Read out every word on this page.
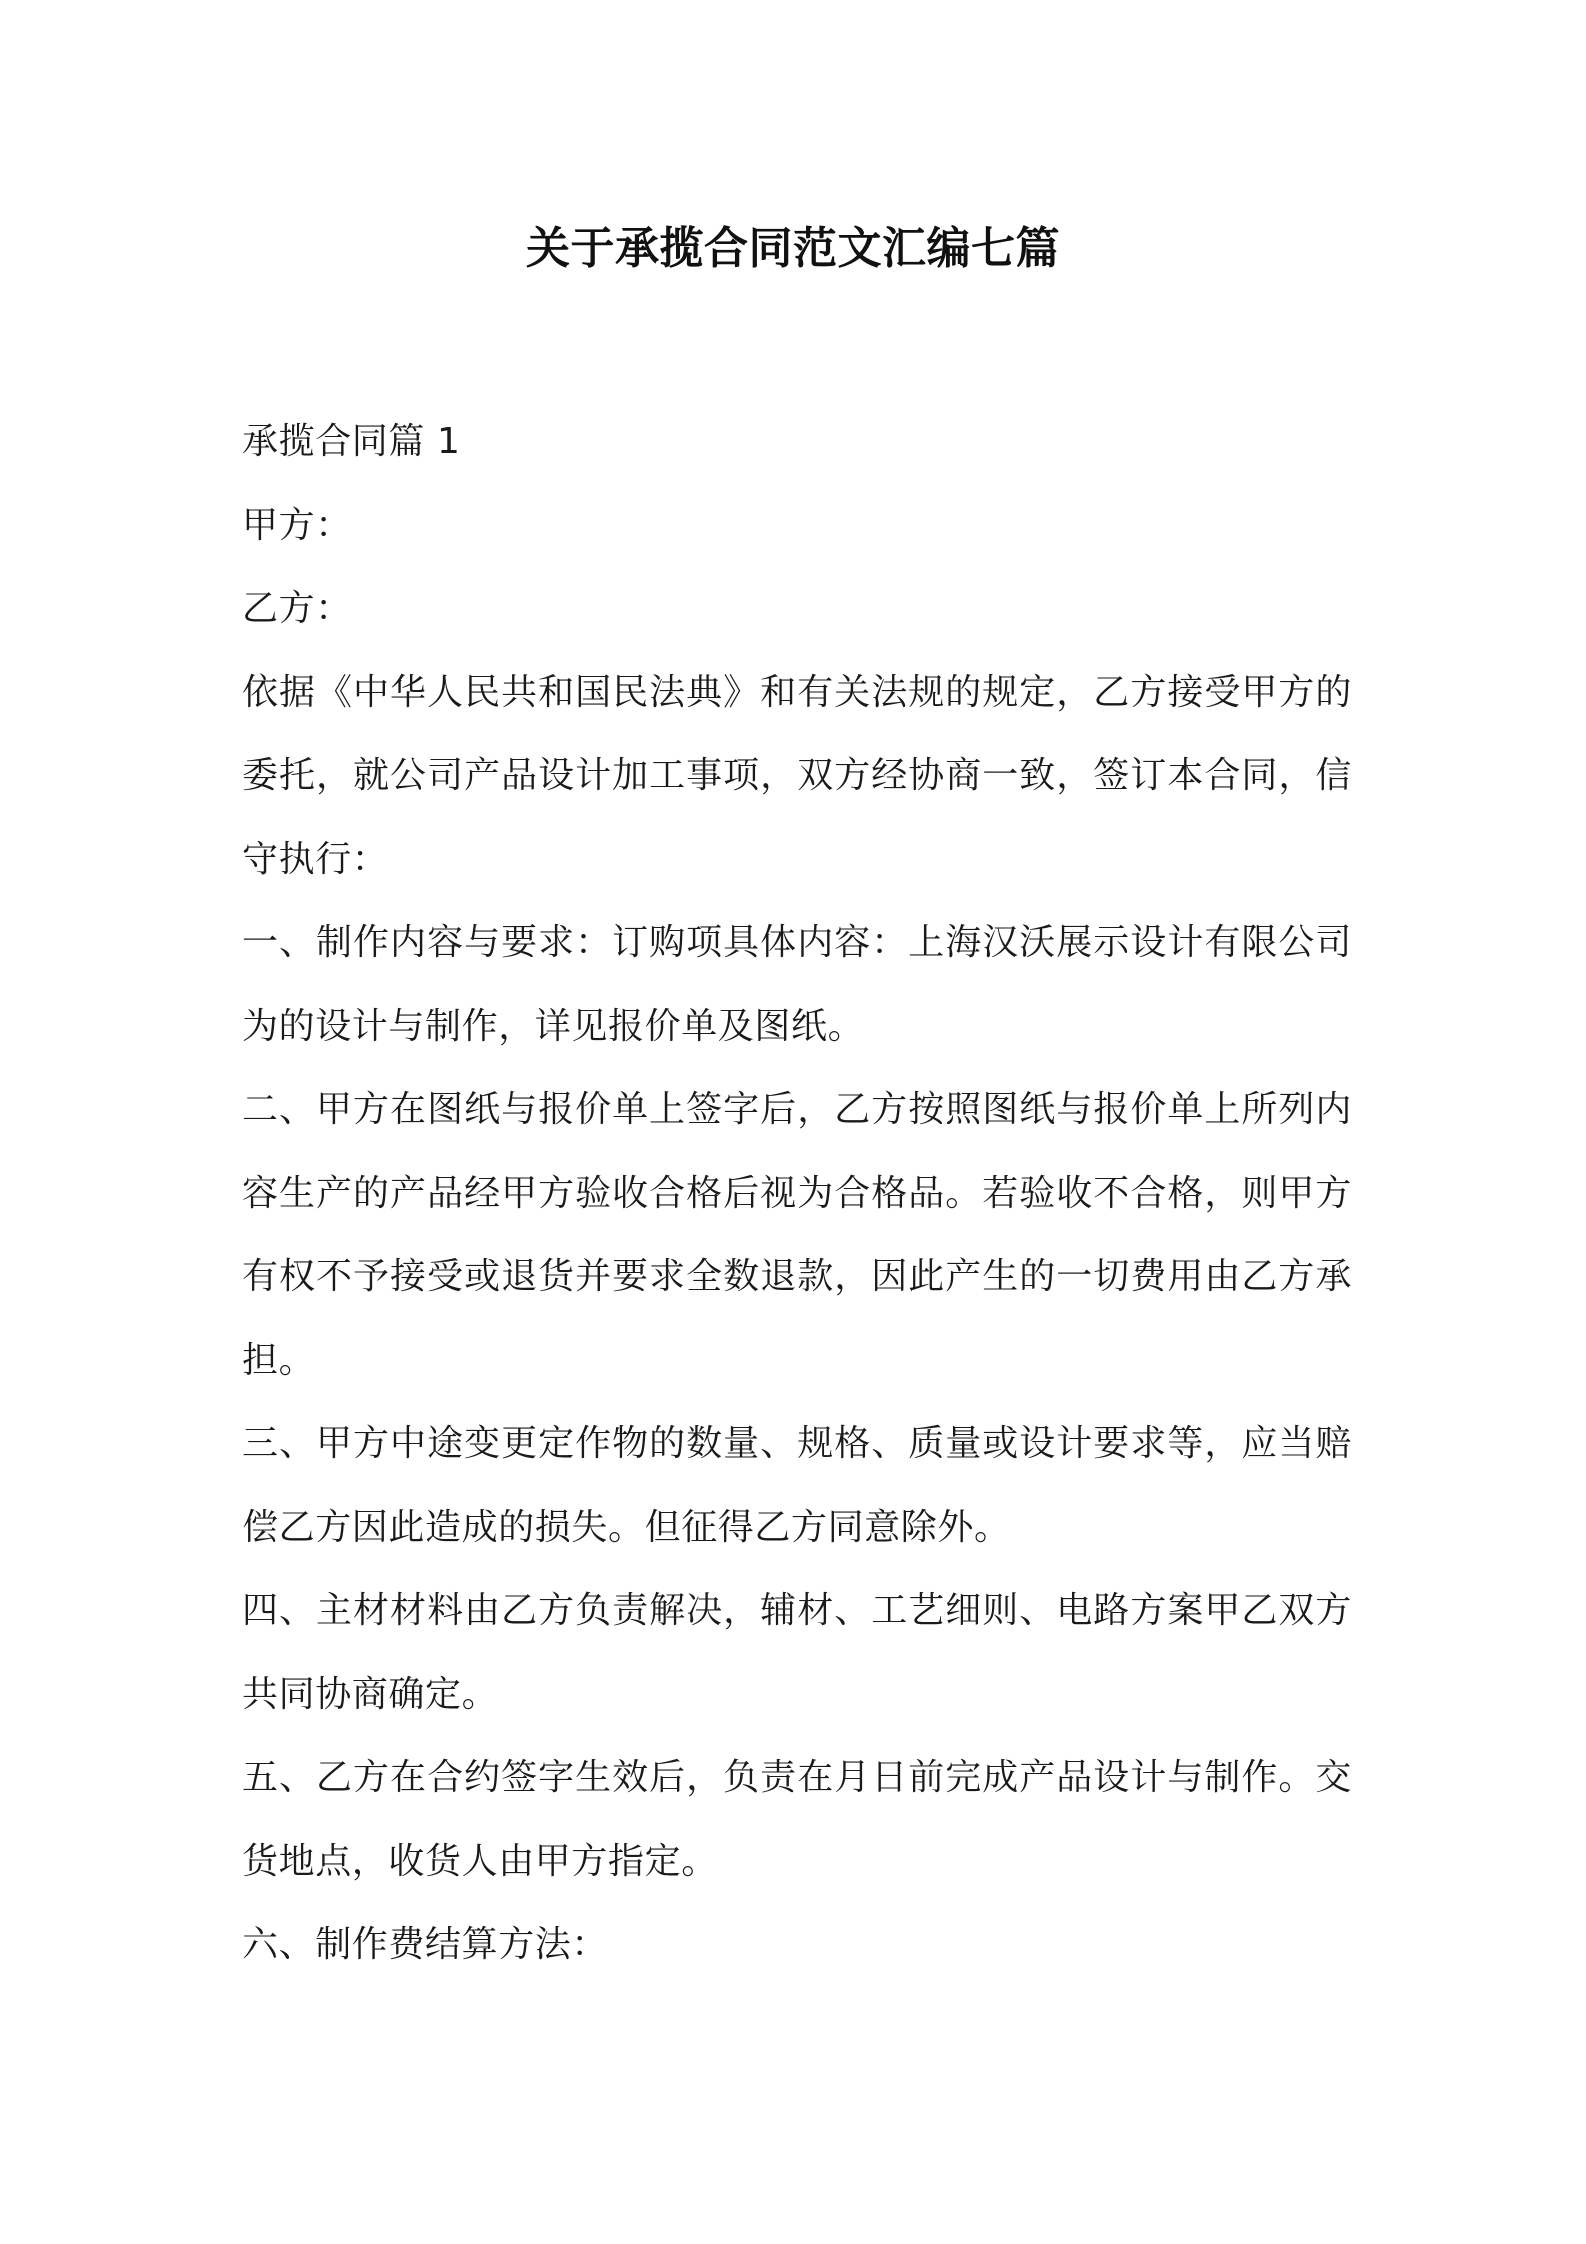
关于承揽合同范文汇编七篇

承揽合同篇 1

甲方：

乙方：

依据《中华人民共和国民法典》和有关法规的规定，乙方接受甲方的委托，就公司产品设计加工事项，双方经协商一致，签订本合同，信守执行：

一、制作内容与要求：订购项具体内容：上海汉沃展示设计有限公司为的设计与制作，详见报价单及图纸。

二、甲方在图纸与报价单上签字后，乙方按照图纸与报价单上所列内容生产的产品经甲方验收合格后视为合格品。若验收不合格，则甲方有权不予接受或退货并要求全数退款，因此产生的一切费用由乙方承担。

三、甲方中途变更定作物的数量、规格、质量或设计要求等，应当赔偿乙方因此造成的损失。但征得乙方同意除外。

四、主材材料由乙方负责解决，辅材、工艺细则、电路方案甲乙双方共同协商确定。

五、乙方在合约签字生效后，负责在月日前完成产品设计与制作。交货地点，收货人由甲方指定。

六、制作费结算方法：
